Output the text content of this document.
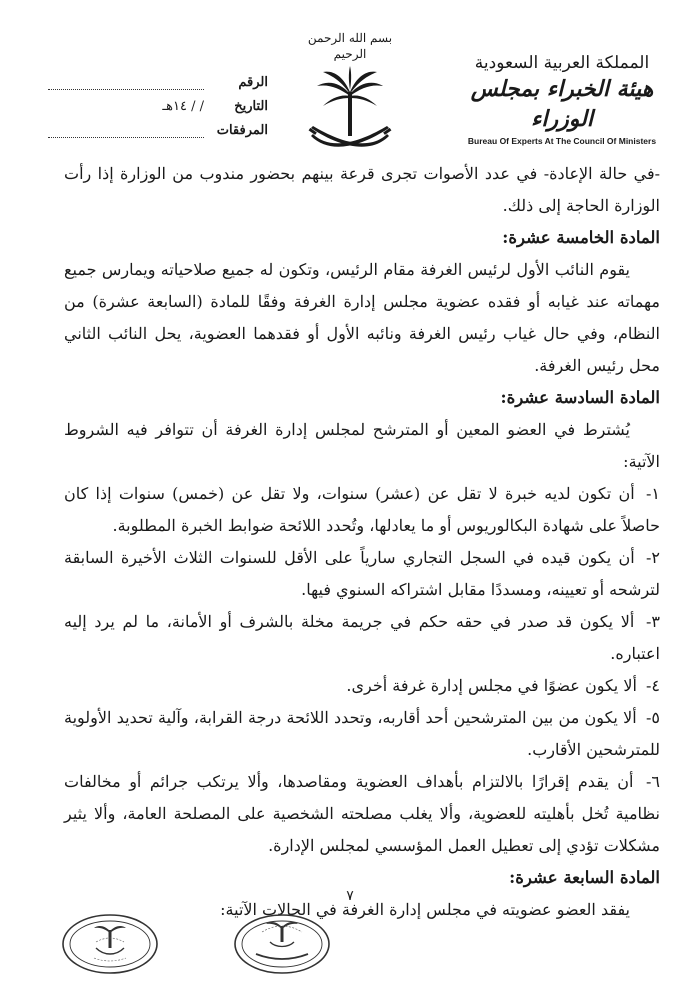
المملكة العربية السعودية
هيئة الخبراء بمجلس الوزراء
Bureau Of Experts At The Council Of Ministers
بسم الله الرحمن الرحيم
الرقم
التاريخ
/ / ١٤هـ
المرفقات

-في حالة الإعادة- في عدد الأصوات تجرى قرعة بينهم بحضور مندوب من الوزارة إذا رأت الوزارة الحاجة إلى ذلك.

المادة الخامسة عشرة:

يقوم النائب الأول لرئيس الغرفة مقام الرئيس، وتكون له جميع صلاحياته ويمارس جميع مهماته عند غيابه أو فقده عضوية مجلس إدارة الغرفة وفقًا للمادة (السابعة عشرة) من النظام، وفي حال غياب رئيس الغرفة ونائبه الأول أو فقدهما العضوية، يحل النائب الثاني محل رئيس الغرفة.

المادة السادسة عشرة:

يُشترط في العضو المعين أو المترشح لمجلس إدارة الغرفة أن تتوافر فيه الشروط الآتية:

١- أن تكون لديه خبرة لا تقل عن (عشر) سنوات، ولا تقل عن (خمس) سنوات إذا كان حاصلاً على شهادة البكالوريوس أو ما يعادلها، وتُحدد اللائحة ضوابط الخبرة المطلوبة.

٢- أن يكون قيده في السجل التجاري سارياً على الأقل للسنوات الثلاث الأخيرة السابقة لترشحه أو تعيينه، ومسددًا مقابل اشتراكه السنوي فيها.

٣- ألا يكون قد صدر في حقه حكم في جريمة مخلة بالشرف أو الأمانة، ما لم يرد إليه اعتباره.

٤- ألا يكون عضوًا في مجلس إدارة غرفة أخرى.

٥- ألا يكون من بين المترشحين أحد أقاربه، وتحدد اللائحة درجة القرابة، وآلية تحديد الأولوية للمترشحين الأقارب.

٦- أن يقدم إقرارًا بالالتزام بأهداف العضوية ومقاصدها، وألا يرتكب جرائم أو مخالفات نظامية تُخل بأهليته للعضوية، وألا يغلب مصلحته الشخصية على المصلحة العامة، وألا يثير مشكلات تؤدي إلى تعطيل العمل المؤسسي لمجلس الإدارة.

المادة السابعة عشرة:

يفقد العضو عضويته في مجلس إدارة الغرفة في الحالات الآتية:

٧
